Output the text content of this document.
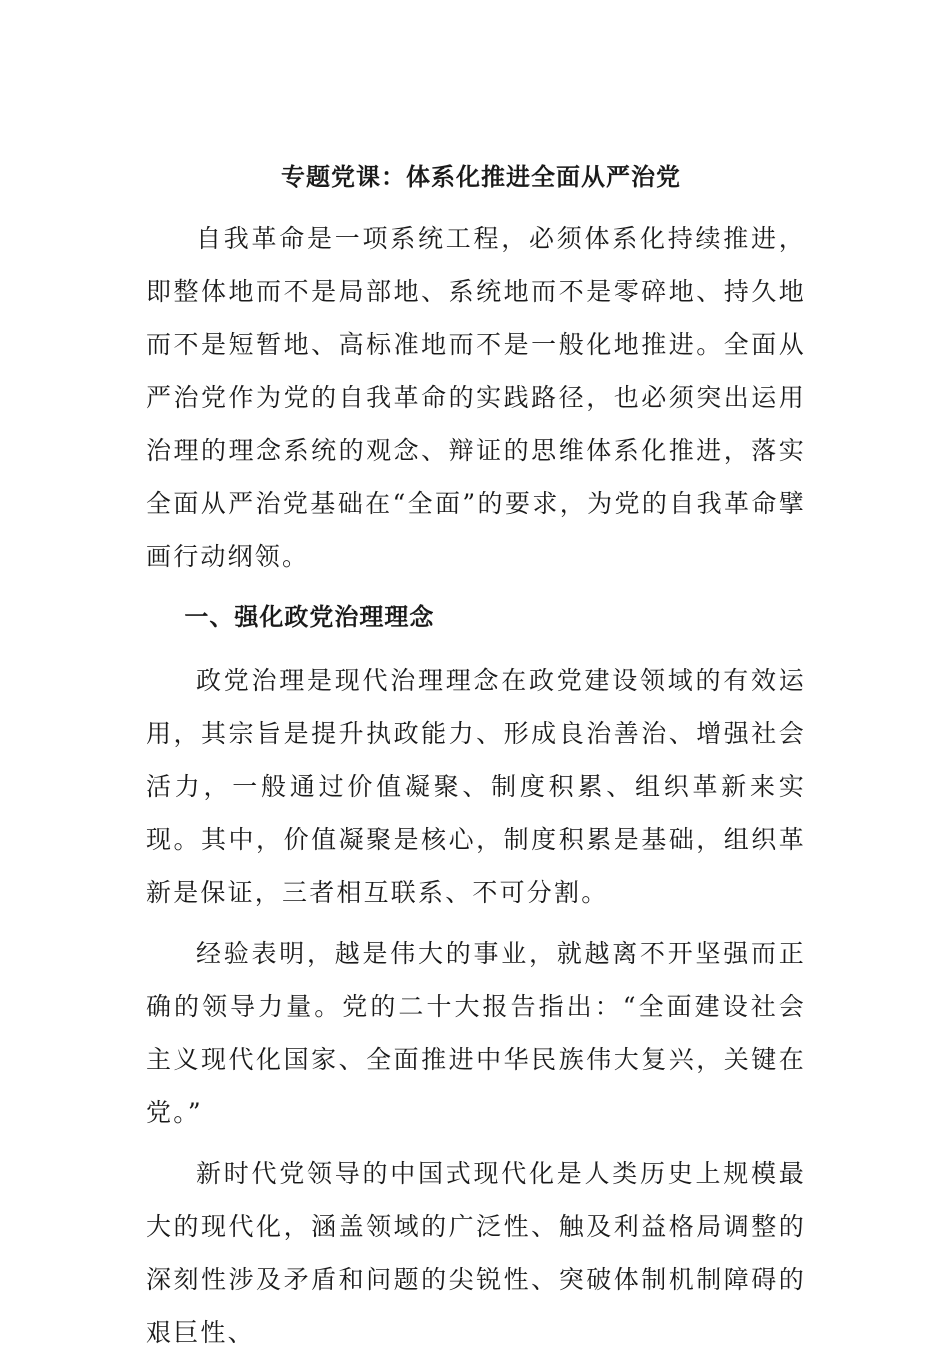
专题党课：体系化推进全面从严治党

自我革命是一项系统工程，必须体系化持续推进，即整体地而不是局部地、系统地而不是零碎地、持久地而不是短暂地、高标准地而不是一般化地推进。全面从严治党作为党的自我革命的实践路径，也必须突出运用治理的理念系统的观念、辩证的思维体系化推进，落实全面从严治党基础在“全面”的要求，为党的自我革命擘画行动纲领。

一、强化政党治理理念

政党治理是现代治理理念在政党建设领域的有效运用，其宗旨是提升执政能力、形成良治善治、增强社会活力，一般通过价值凝聚、制度积累、组织革新来实现。其中，价值凝聚是核心，制度积累是基础，组织革新是保证，三者相互联系、不可分割。

经验表明，越是伟大的事业，就越离不开坚强而正确的领导力量。党的二十大报告指出：“全面建设社会主义现代化国家、全面推进中华民族伟大复兴，关键在党。”

新时代党领导的中国式现代化是人类历史上规模最大的现代化，涵盖领域的广泛性、触及利益格局调整的深刻性涉及矛盾和问题的尖锐性、突破体制机制障碍的艰巨性、
